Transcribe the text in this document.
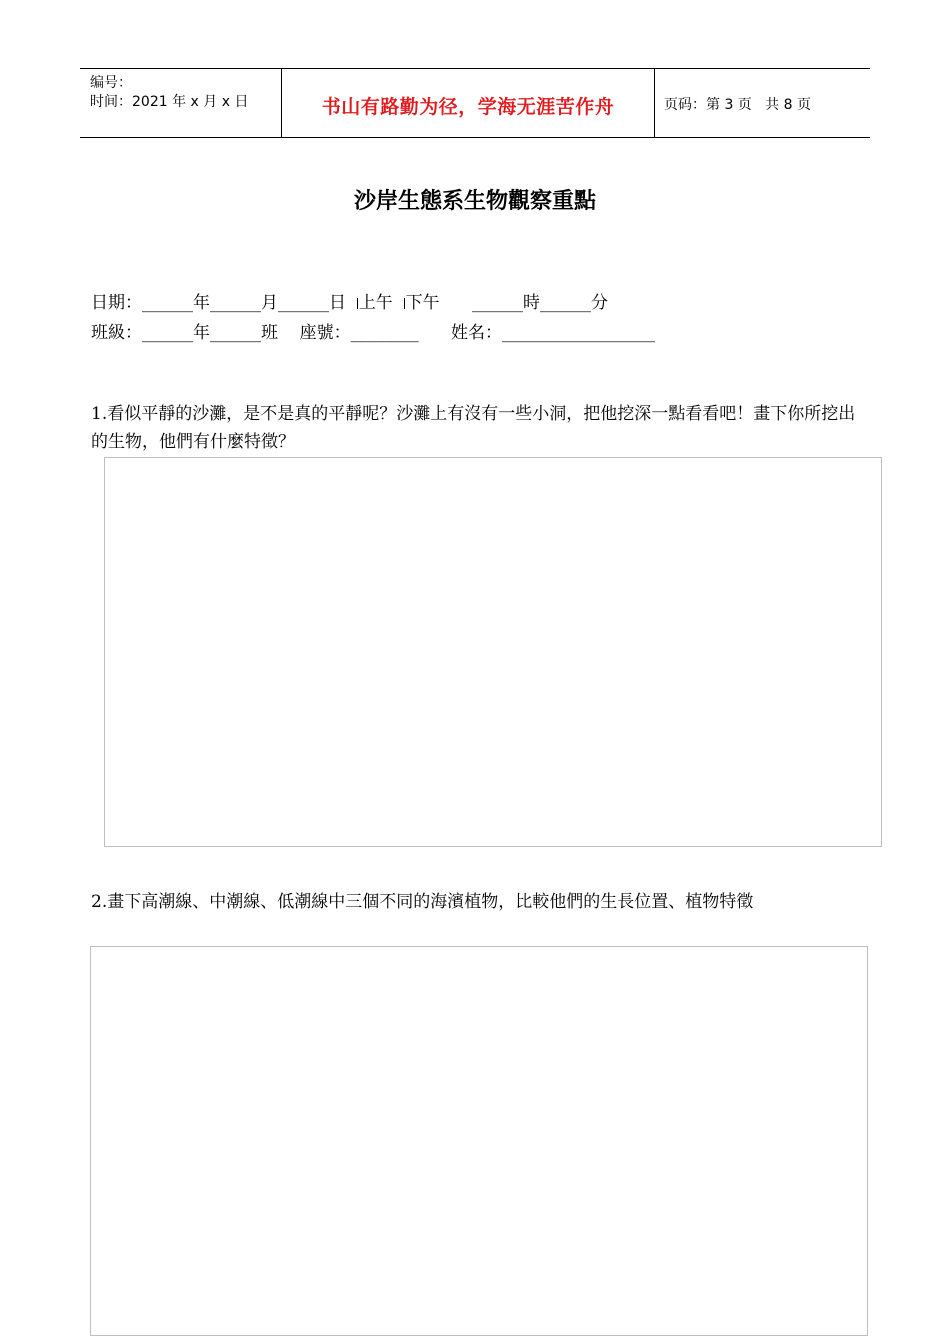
编号：
时间：2021 年 x 月 x 日	书山有路勤为径，学海无涯苦作舟	页码：第 3 页   共 8 页
沙岸生態系生物觀察重點
日期：______年______月______日  上午  下午      ______時______分
班級：______年______班    座號：________      姓名：__________________
1.看似平靜的沙灘，是不是真的平靜呢？沙灘上有沒有一些小洞，把他挖深一點看看吧！畫下你所挖出的生物，他們有什麼特徵？
2.畫下高潮線、中潮線、低潮線中三個不同的海濱植物，比較他們的生長位置、植物特徵
